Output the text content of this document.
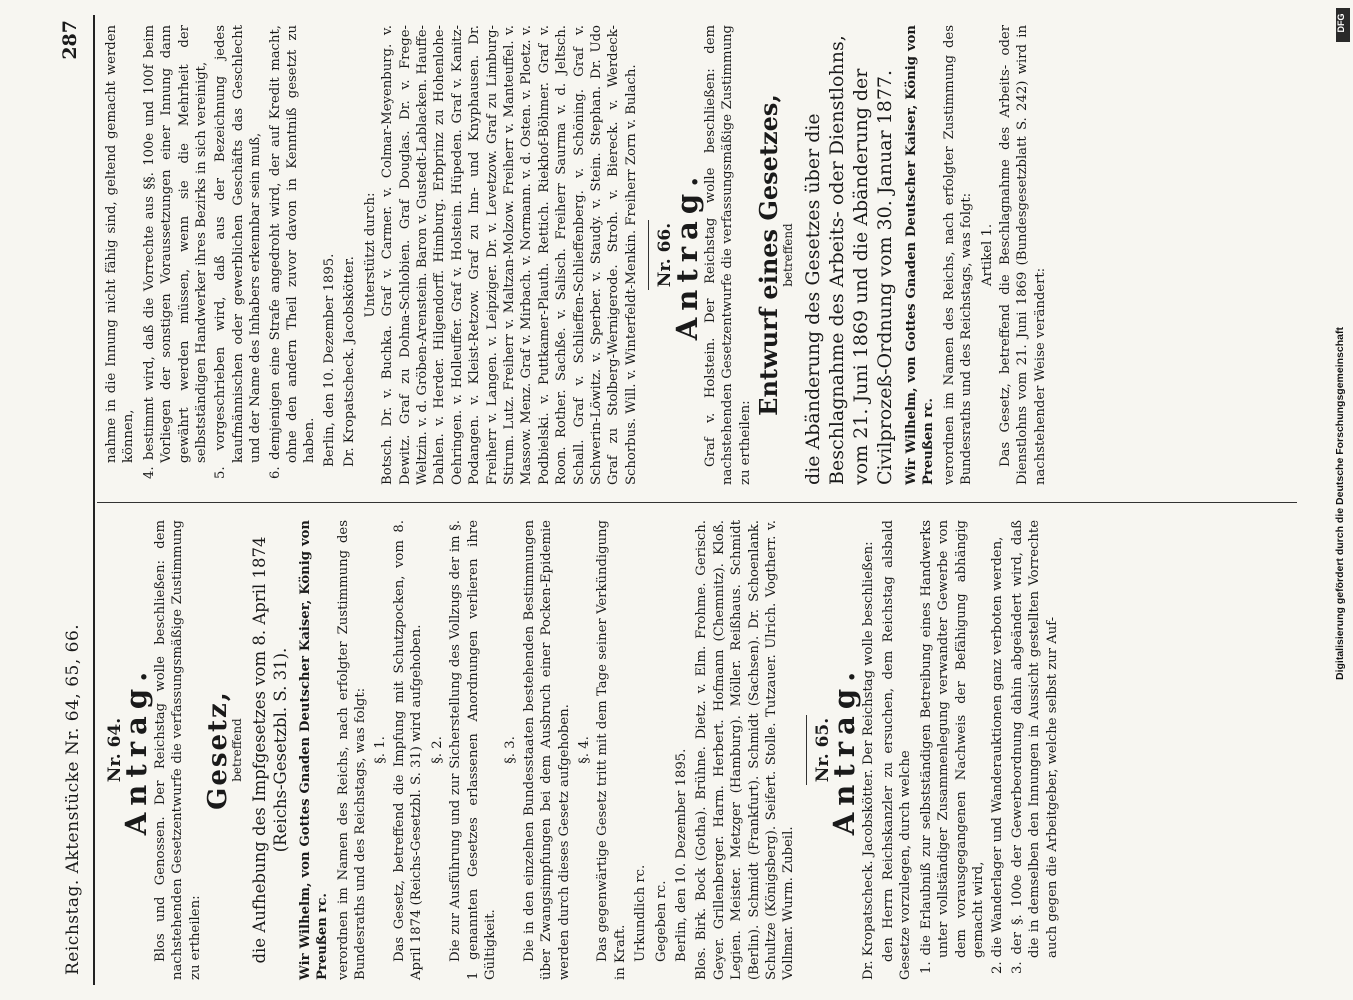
Reichstag. Aktenstücke Nr. 64, 65, 66.
287
Nr. 64.
Antrag. Blos und Genossen. Der Reichstag wolle beschließen: dem nachstehenden Gesetzentwurfe die verfassungsmäßige Zustimmung zu ertheilen:

Gesetz,
betreffend die Aufhebung des Impfgesetzes vom 8. April 1874 (Reichs-Gesetzbl. S. 31). Wir Wilhelm, von Gottes Gnaden Deutscher Kaiser, König von Preußen rc. verordnen im Namen des Reichs, nach erfolgter Zustimmung des Bundesraths und des Reichstags, was folgt: §. 1. Das Gesetz, betreffend die Impfung mit Schutzpocken, vom 8. April 1874 (Reichs-Gesetzbl. S. 31) wird aufgehoben. §. 2. Die zur Ausführung und zur Sicherstellung des Vollzugs der im §. 1 genannten Gesetzes erlassenen Anordnungen verlieren ihre Gültigkeit.

§. 3. Die in den einzelnen Bundesstaaten bestehenden Bestimmungen über Zwangsimpfungen bei dem Ausbruch einer Pocken-Epidemie werden durch dieses Gesetz aufgehoben. §. 4. Das gegenwärtige Gesetz tritt mit dem Tage seiner Verkündigung in Kraft. Urkundlich rc. Gegeben rc. Berlin, den 10. Dezember 1895. Blos. Birk. Bock (Gotha). Brühne. Dietz. v. Elm. Frohme. Gerisch. Geyer. Grillenberger. Harm. Herbert. Hofmann (Chemnitz). Kloß. Legien. Meister. Metzger (Hamburg). Möller. Reißhaus. Schmidt (Berlin). Schmidt (Frankfurt). Schmidt (Sachsen). Dr. Schoenlank. Schultze (Königsberg). Seifert. Stolle. Tutzauer. Ulrich. Vogtherr. v. Vollmar. Wurm. Zubeil.

Nr. 65.
Antrag. Dr. Kropatscheck. Jacobskötter. Der Reichstag wolle beschließen: den Herrn Reichskanzler zu ersuchen, dem Reichstag alsbald Gesetze vorzulegen, durch welche 1. die Erlaubniß zur selbstständigen Betreibung eines Handwerks unter vollständiger Zusammenlegung verwandter Gewerbe von dem vorausgegangenen Nachweis der Befähigung abhängig gemacht wird, 2. die Wanderlager und Wanderauktionen ganz verboten werden, 3. der §. 100e der Gewerbeordnung dahin abgeändert wird, daß die in demselben den Innungen in Aussicht gestellten Vorrechte auch gegen die Arbeitgeber, welche selbst zur Auf-

nahme in die Innung nicht fähig sind, geltend gemacht werden können, 4. bestimmt wird, daß die Vorrechte aus §§. 100e und 100f beim Vorliegen der sonstigen Voraussetzungen einer Innung dann gewährt werden müssen, wenn sie die Mehrheit der selbstständigen Handwerker ihres Bezirks in sich vereinigt, 5. vorgeschrieben wird, daß aus der Bezeichnung jedes kaufmännischen oder gewerblichen Geschäfts das Geschlecht und der Name des Inhabers erkennbar sein muß, 6. demjenigen eine Strafe angedroht wird, der auf Kredit macht, ohne den andern Theil zuvor davon in Kenntniß gesetzt zu haben. Berlin, den 10. Dezember 1895. Dr. Kropatscheck. Jacobskötter.

Unterstützt durch: Botsch. Dr. v. Buchka. Graf v. Carmer. v. Colmar-Meyenburg. v. Dewitz. Graf zu Dohna-Schlobien. Graf Douglas. Dr. v. Frege-Weltzin. v. d. Gröben-Arenstein. Baron v. Gustedt-Lablacken. Hauffe-Dahlen. v. Herder. Hilgendorff. Himburg. Erbprinz zu Hohenlohe-Oehringen. v. Holleuffer. Graf v. Holstein. Hüpeden. Graf v. Kanitz-Podangen. v. Kleist-Retzow. Graf zu Inn- und Knyphausen. Dr. Freiherr v. Langen. v. Leipziger. Dr. v. Levetzow. Graf zu Limburg-Stirum. Lutz. Freiherr v. Maltzan-Molzow. Freiherr v. Manteuffel. v. Massow. Menz. Graf v. Mirbach. v. Normann. v. d. Osten. v. Ploetz. v. Podbielski. v. Puttkamer-Plauth. Rettich. Riekhof-Böhmer. Graf v. Roon. Rother. Sachße. v. Salisch. Freiherr Saurma v. d. Jeltsch. Schall. Graf v. Schlieffen-Schlieffenberg. v. Schöning. Graf v. Schwerin-Löwitz. v. Sperber. v. Staudy. v. Stein. Stephan. Dr. Udo Graf zu Stolberg-Wernigerode. Stroh. v. Biereck. v. Werdeck-Schorbus. Will. v. Winterfeldt-Menkin. Freiherr Zorn v. Bulach. Nr. 66.
Antrag. Graf v. Holstein. Der Reichstag wolle beschließen: dem nachstehenden Gesetzentwurfe die verfassungsmäßige Zustimmung zu ertheilen:

Entwurf eines Gesetzes,
betreffend die Abänderung des Gesetzes über die Beschlagnahme des Arbeits- oder Dienstlohns, vom 21. Juni 1869 und die Abänderung der Civilprozeß-Ordnung vom 30. Januar 1877. Wir Wilhelm, von Gottes Gnaden Deutscher Kaiser, König von Preußen rc. verordnen im Namen des Reichs, nach erfolgter Zustimmung des Bundesraths und des Reichstags, was folgt: Artikel 1. Das Gesetz, betreffend die Beschlagnahme des Arbeits- oder Dienstlohns vom 21. Juni 1869 (Bundesgesetzblatt S. 242) wird in nachstehender Weise verändert:

DFG
Digitalisierung gefördert durch die Deutsche Forschungsgemeinschaft
